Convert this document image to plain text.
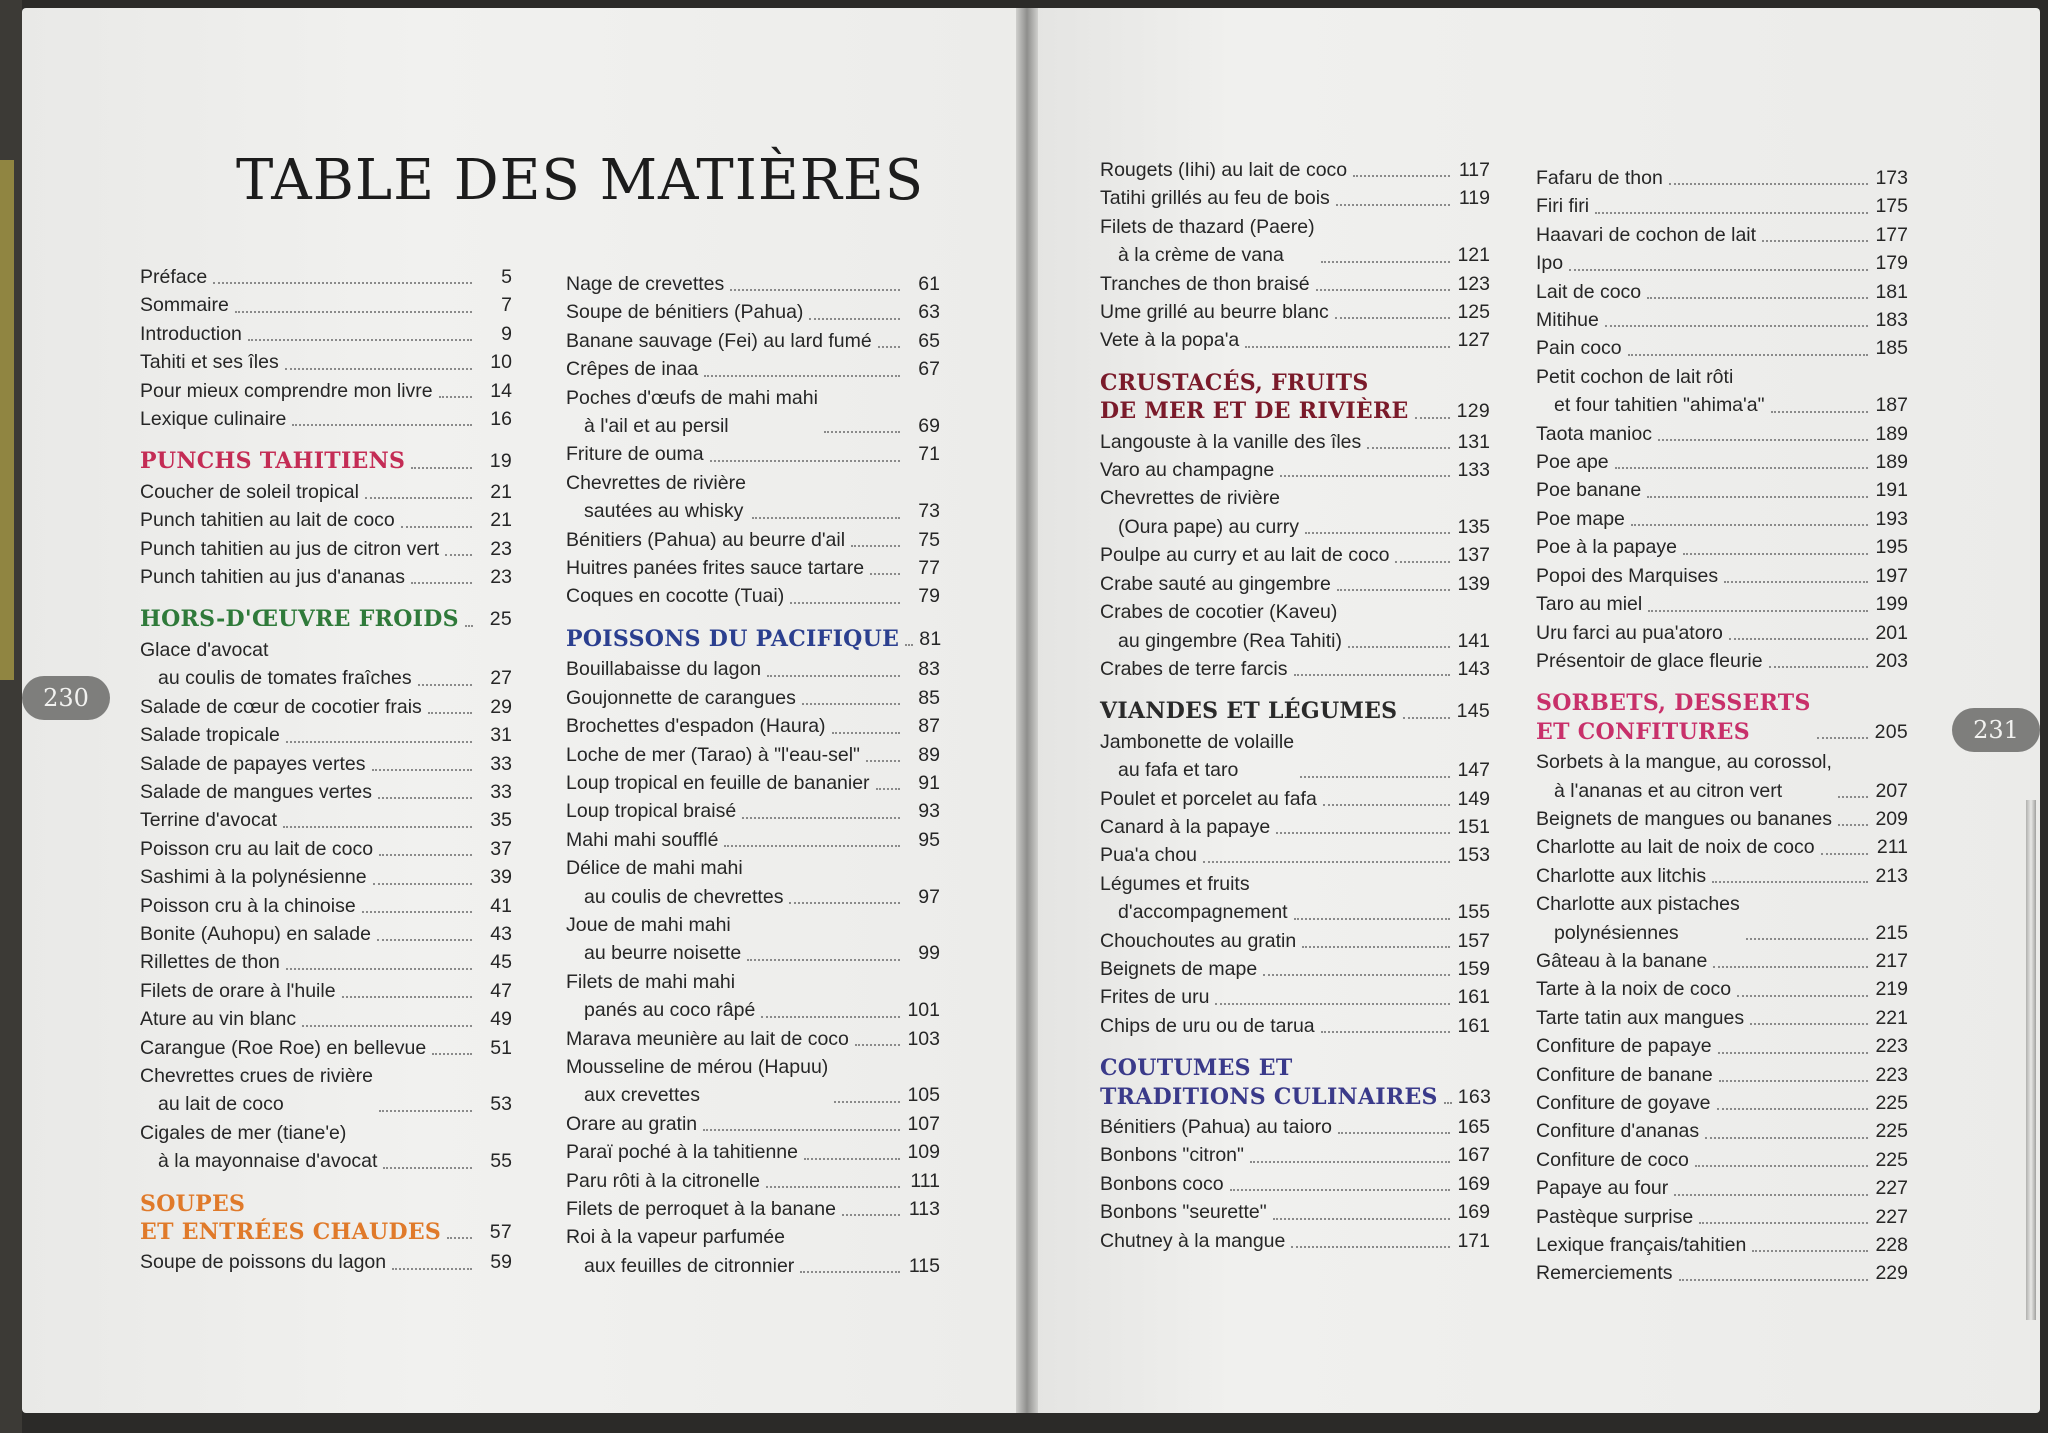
TABLE DES MATIÈRES
Préface	5
Sommaire	7
Introduction	9
Tahiti et ses îles	10
Pour mieux comprendre mon livre	14
Lexique culinaire	16
PUNCHS TAHITIENS	19
Coucher de soleil tropical	21
Punch tahitien au lait de coco	21
Punch tahitien au jus de citron vert	23
Punch tahitien au jus d'ananas	23
HORS-D'ŒUVRE FROIDS	25
Glace d'avocat
au coulis de tomates fraîches	27
Salade de cœur de cocotier frais	29
Salade tropicale	31
Salade de papayes vertes	33
Salade de mangues vertes	33
Terrine d'avocat	35
Poisson cru au lait de coco	37
Sashimi à la polynésienne	39
Poisson cru à la chinoise	41
Bonite (Auhopu) en salade	43
Rillettes de thon	45
Filets de orare à l'huile	47
Ature au vin blanc	49
Carangue (Roe Roe) en bellevue	51
Chevrettes crues de rivière
au lait de coco	53
Cigales de mer (tiane'e)
à la mayonnaise d'avocat	55
SOUPES
ET ENTRÉES CHAUDES	57
Soupe de poissons du lagon	59
Nage de crevettes	61
Soupe de bénitiers (Pahua)	63
Banane sauvage (Fei) au lard fumé	65
Crêpes de inaa	67
Poches d'œufs de mahi mahi
à l'ail et au persil	69
Friture de ouma	71
Chevrettes de rivière
sautées au whisky	73
Bénitiers (Pahua) au beurre d'ail	75
Huitres panées frites sauce tartare	77
Coques en cocotte (Tuai)	79
POISSONS DU PACIFIQUE 81
Bouillabaisse du lagon	83
Goujonnette de carangues	85
Brochettes d'espadon (Haura)	87
Loche de mer (Tarao) à "l'eau-sel"	89
Loup tropical en feuille de bananier	91
Loup tropical braisé	93
Mahi mahi soufflé	95
Délice de mahi mahi
au coulis de chevrettes	97
Joue de mahi mahi
au beurre noisette	99
Filets de mahi mahi
panés au coco râpé	101
Marava meunière au lait de coco	103
Mousseline de mérou (Hapuu)
aux crevettes	105
Orare au gratin	107
Paraï poché à la tahitienne	109
Paru rôti à la citronelle	111
Filets de perroquet à la banane	113
Roi à la vapeur parfumée
aux feuilles de citronnier	115
Rougets (Iihi) au lait de coco	117
Tatihi grillés au feu de bois	119
Filets de thazard (Paere)
à la crème de vana	121
Tranches de thon braisé	123
Ume grillé au beurre blanc	125
Vete à la popa'a	127
CRUSTACÉS, FRUITS
DE MER ET DE RIVIÈRE 129
Langouste à la vanille des îles	131
Varo au champagne	133
Chevrettes de rivière
(Oura pape) au curry	135
Poulpe au curry et au lait de coco	137
Crabe sauté au gingembre	139
Crabes de cocotier (Kaveu)
au gingembre (Rea Tahiti)	141
Crabes de terre farcis	143
VIANDES ET LÉGUMES	145
Jambonette de volaille
au fafa et taro	147
Poulet et porcelet au fafa	149
Canard à la papaye	151
Pua'a chou	153
Légumes et fruits
d'accompagnement	155
Chouchoutes au gratin	157
Beignets de mape	159
Frites de uru	161
Chips de uru ou de taruа	161
COUTUMES ET
TRADITIONS CULINAIRES 163
Bénitiers (Pahua) au taioro	165
Bonbons "citron"	167
Bonbons coco	169
Bonbons "seurette"	169
Chutney à la mangue	171
Fafaru de thon	173
Firi firi	175
Haavari de cochon de lait	177
Ipo	179
Lait de coco	181
Mitihue	183
Pain coco	185
Petit cochon de lait rôti
et four tahitien "ahima'a"	187
Taota manioc	189
Poe ape	189
Poe banane	191
Poe mape	193
Poe à la papaye	195
Popoi des Marquises	197
Taro au miel	199
Uru farci au pua'atoro	201
Présentoir de glace fleurie	203
SORBETS, DESSERTS
ET CONFITURES	205
Sorbets à la mangue, au corossol,
à l'ananas et au citron vert	207
Beignets de mangues ou bananes 209
Charlotte au lait de noix de coco	211
Charlotte aux litchis	213
Charlotte aux pistaches
polynésiennes	215
Gâteau à la banane	217
Tarte à la noix de coco	219
Tarte tatin aux mangues	221
Confiture de papaye	223
Confiture de banane	223
Confiture de goyave	225
Confiture d'ananas	225
Confiture de coco	225
Papaye au four	227
Pastèque surprise	227
Lexique français/tahitien	228
Remerciements	229
230
231
